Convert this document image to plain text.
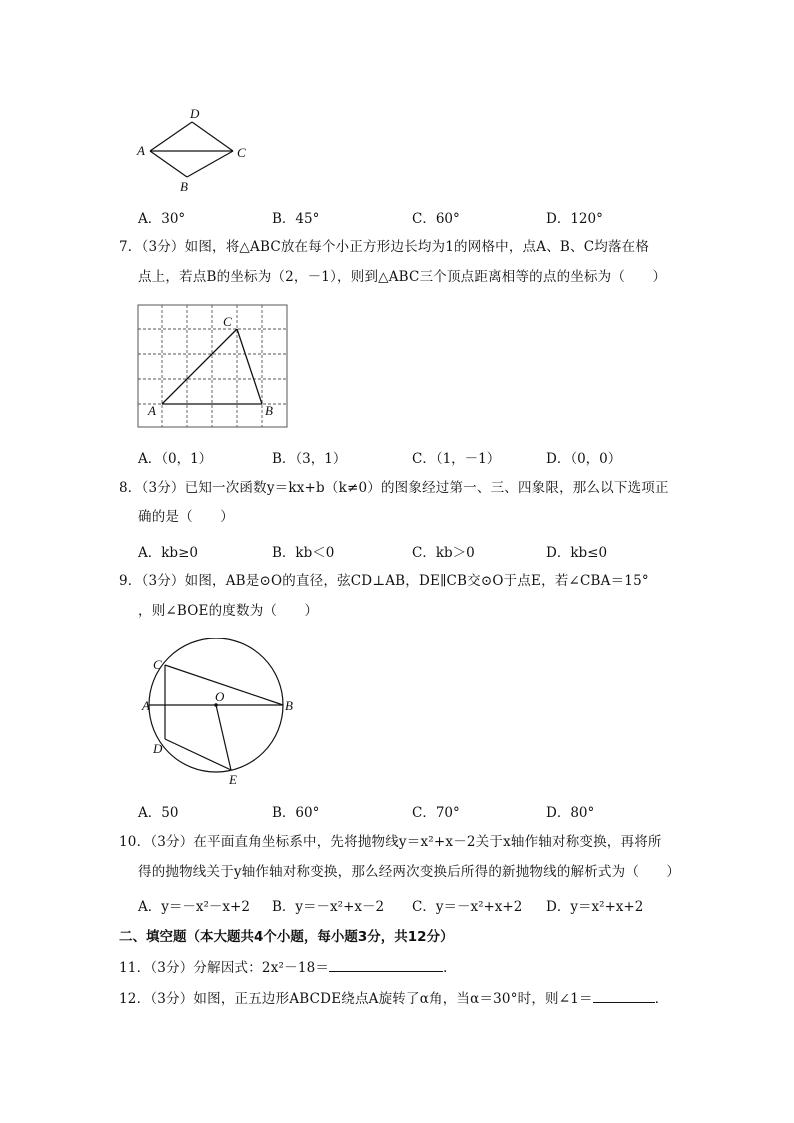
D
A	C
B
A．30°	B．45°	C．60°	D．120°
7．（3分）如图，将△ABC放在每个小正方形边长均为1的网格中，点A、B、C均落在格
点上，若点B的坐标为（2，－1），则到△ABC三个顶点距离相等的点的坐标为（　　）
C
A	B
A．（0，1）	B．（3，1）	C．（1，－1）	D．（0，0）
8．（3分）已知一次函数y＝kx+b（k≠0）的图象经过第一、三、四象限，那么以下选项正
确的是（　　）
A．kb≥0	B．kb＜0	C．kb＞0	D．kb≤0
9．（3分）如图，AB是⊙O的直径，弦CD⊥AB，DE∥CB交⊙O于点E，若∠CBA＝15°
，则∠BOE的度数为（　　）
C
O
A	B
D
E
A．50	B．60°	C．70°	D．80°
10．（3分）在平面直角坐标系中，先将抛物线y＝x²+x－2关于x轴作轴对称变换，再将所
得的抛物线关于y轴作轴对称变换，那么经两次变换后所得的新抛物线的解析式为（　　）
A．y＝－x²－x+2 B．y＝－x²+x－2 C．y＝－x²+x+2 D．y＝x²+x+2
二、填空题（本大题共4个小题，每小题3分，共12分）
11．（3分）分解因式：2x²－18＝	．
12．（3分）如图，正五边形ABCDE绕点A旋转了α角，当α＝30°时，则∠1＝	．
